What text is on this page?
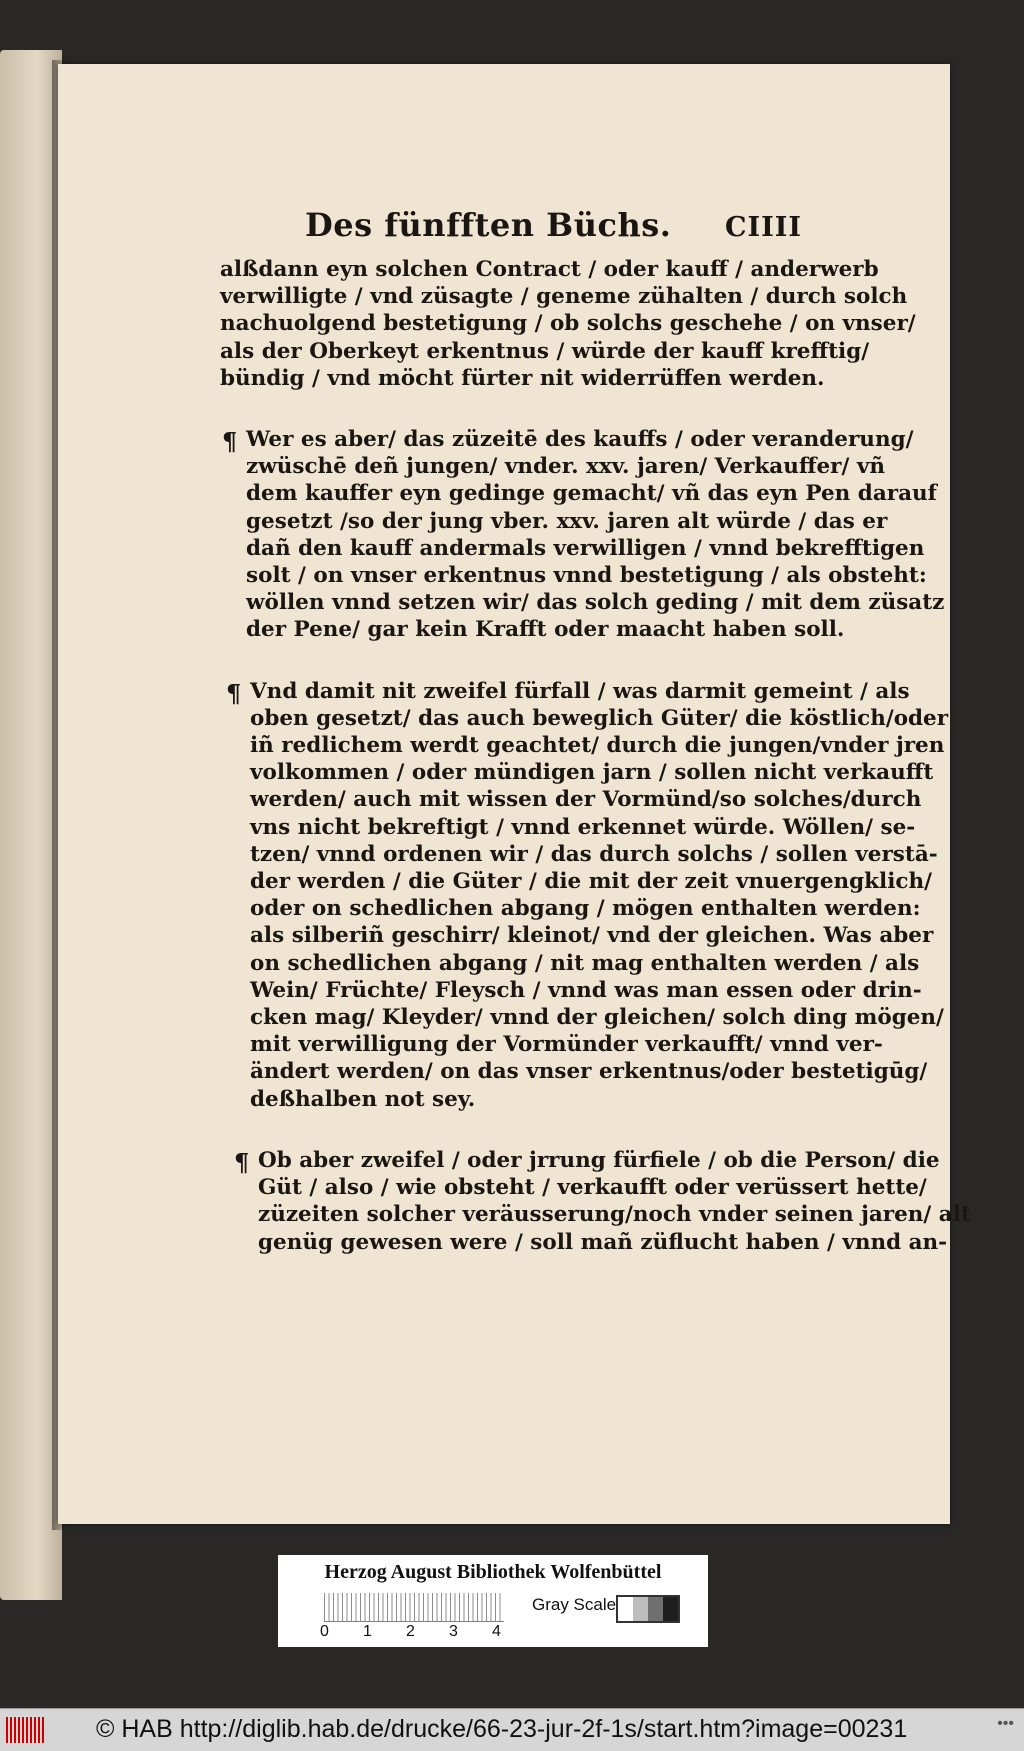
Des fünfften Büchs. CIIII
alßdann eyn solchen Contract / oder kauff / anderwerb
verwilligte / vnd züsagte / geneme zühalten / durch solch
nachuolgend bestetigung / ob solchs geschehe / on vnser/
als der Oberkeyt erkentnus / würde der kauff krefftig/
bündig / vnd möcht fürter nit widerrüffen werden.
¶ Wer es aber/ das züzeitē des kauffs / oder veranderung/
zwüschē deñ jungen/ vnder. xxv. jaren/ Verkauffer/ vñ
dem kauffer eyn gedinge gemacht/ vñ das eyn Pen darauf
gesetzt /so der jung vber. xxv. jaren alt würde / das er
dañ den kauff andermals verwilligen / vnnd bekrefftigen
solt / on vnser erkentnus vnnd bestetigung / als obsteht:
wöllen vnnd setzen wir/ das solch geding / mit dem züsatz
der Pene/ gar kein Krafft oder maacht haben soll.
¶ Vnd damit nit zweifel fürfall / was darmit gemeint / als
oben gesetzt/ das auch beweglich Güter/ die köstlich/oder
iñ redlichem werdt geachtet/ durch die jungen/vnder jren
volkommen / oder mündigen jarn / sollen nicht verkaufft
werden/ auch mit wissen der Vormünd/so solches/durch
vns nicht bekreftigt / vnnd erkennet würde. Wöllen/ se-
tzen/ vnnd ordenen wir / das durch solchs / sollen verstā-
der werden / die Güter / die mit der zeit vnuergengklich/
oder on schedlichen abgang / mögen enthalten werden:
als silberiñ geschirr/ kleinot/ vnd der gleichen. Was aber
on schedlichen abgang / nit mag enthalten werden / als
Wein/ Früchte/ Fleysch / vnnd was man essen oder drin-
cken mag/ Kleyder/ vnnd der gleichen/ solch ding mögen/
mit verwilligung der Vormünder verkaufft/ vnnd ver-
ändert werden/ on das vnser erkentnus/oder bestetigūg/
deßhalben not sey.
¶ Ob aber zweifel / oder jrrung fürfiele / ob die Person/ die
Güt / also / wie obsteht / verkaufft oder verüssert hette/
züzeiten solcher veräusserung/noch vnder seinen jaren/ alt
genüg gewesen were / soll mañ züflucht haben / vnnd an-
Herzog August Bibliothek Wolfenbüttel
0 1 2 3 4
Gray Scale
© HAB http://diglib.hab.de/drucke/66-23-jur-2f-1s/start.htm?image=00231	•••
